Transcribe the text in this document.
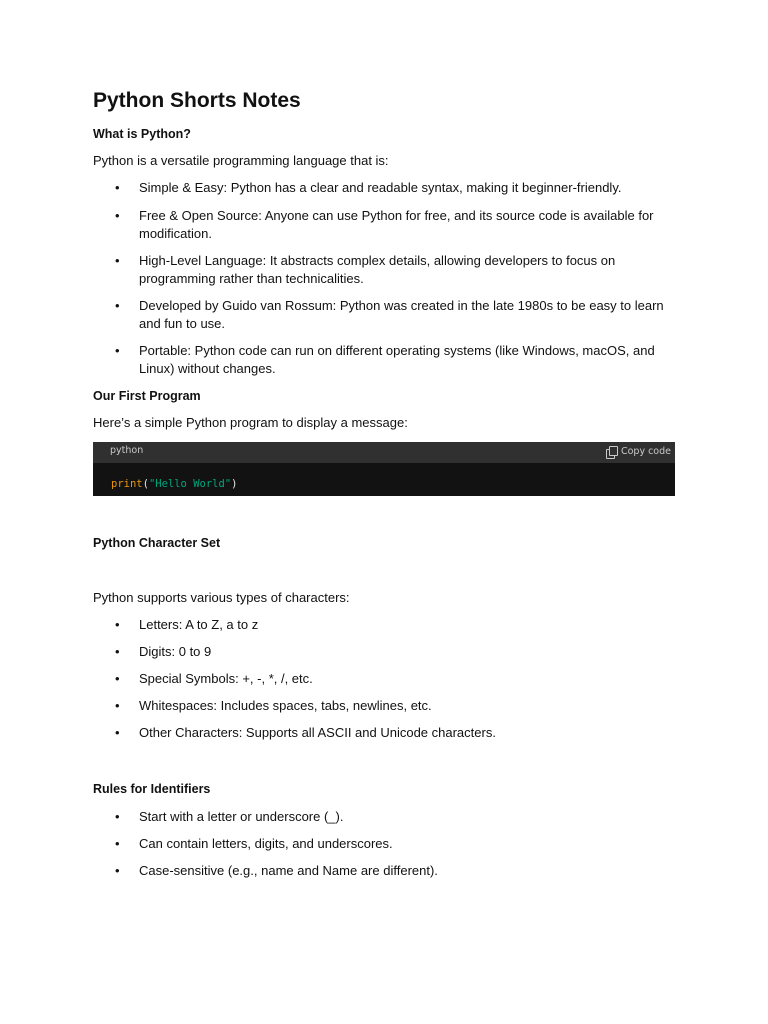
Python Shorts Notes
What is Python?
Python is a versatile programming language that is:
• Simple & Easy: Python has a clear and readable syntax, making it beginner-friendly.
• Free & Open Source: Anyone can use Python for free, and its source code is available for modification.
• High-Level Language: It abstracts complex details, allowing developers to focus on programming rather than technicalities.
• Developed by Guido van Rossum: Python was created in the late 1980s to be easy to learn and fun to use.
• Portable: Python code can run on different operating systems (like Windows, macOS, and Linux) without changes.
Our First Program
Here’s a simple Python program to display a message:
Python Character Set
Python supports various types of characters:
• Letters: A to Z, a to z
• Digits: 0 to 9
• Special Symbols: +, -, *, /, etc.
• Whitespaces: Includes spaces, tabs, newlines, etc.
• Other Characters: Supports all ASCII and Unicode characters.
Rules for Identifiers
• Start with a letter or underscore (_).
• Can contain letters, digits, and underscores.
• Case-sensitive (e.g., name and Name are different).
python	Copy code
print("Hello World")
